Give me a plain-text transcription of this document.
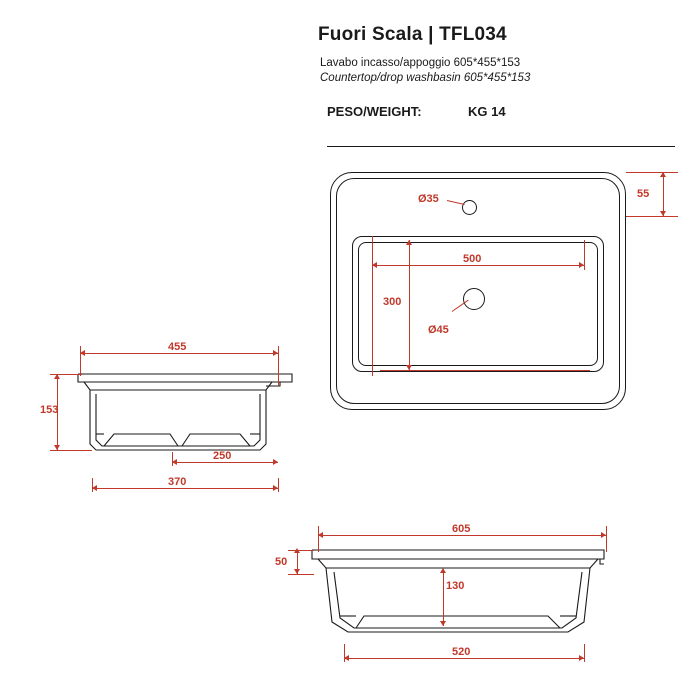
Fuori Scala | TFL034
Lavabo incasso/appoggio 605*455*153
Countertop/drop washbasin 605*455*153
PESO/WEIGHT:	KG 14
Ø35
Ø45
500
300
55
455
153
250
370
605
50
130
520
